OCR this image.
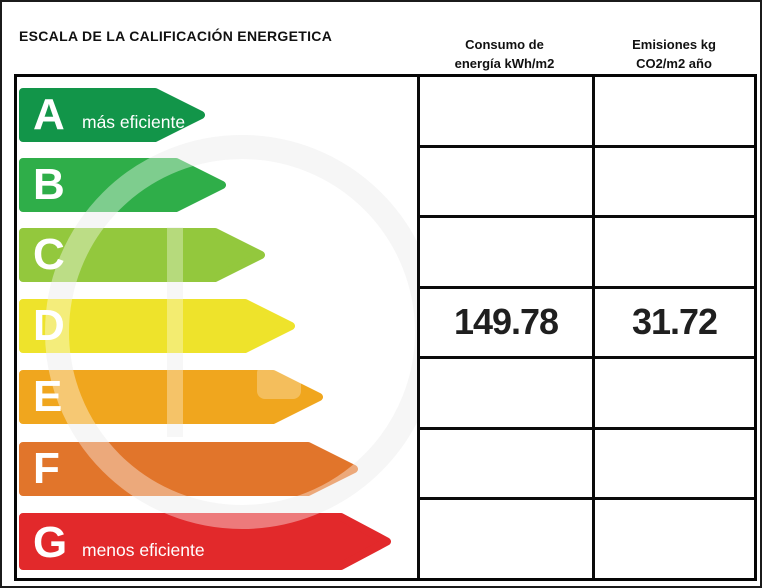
ESCALA DE LA CALIFICACIÓN ENERGETICA
Consumo de
energía kWh/m2
Emisiones kg
CO2/m2 año
A más eficiente
B
C
D
E
F
G menos eficiente
149.78 31.72
